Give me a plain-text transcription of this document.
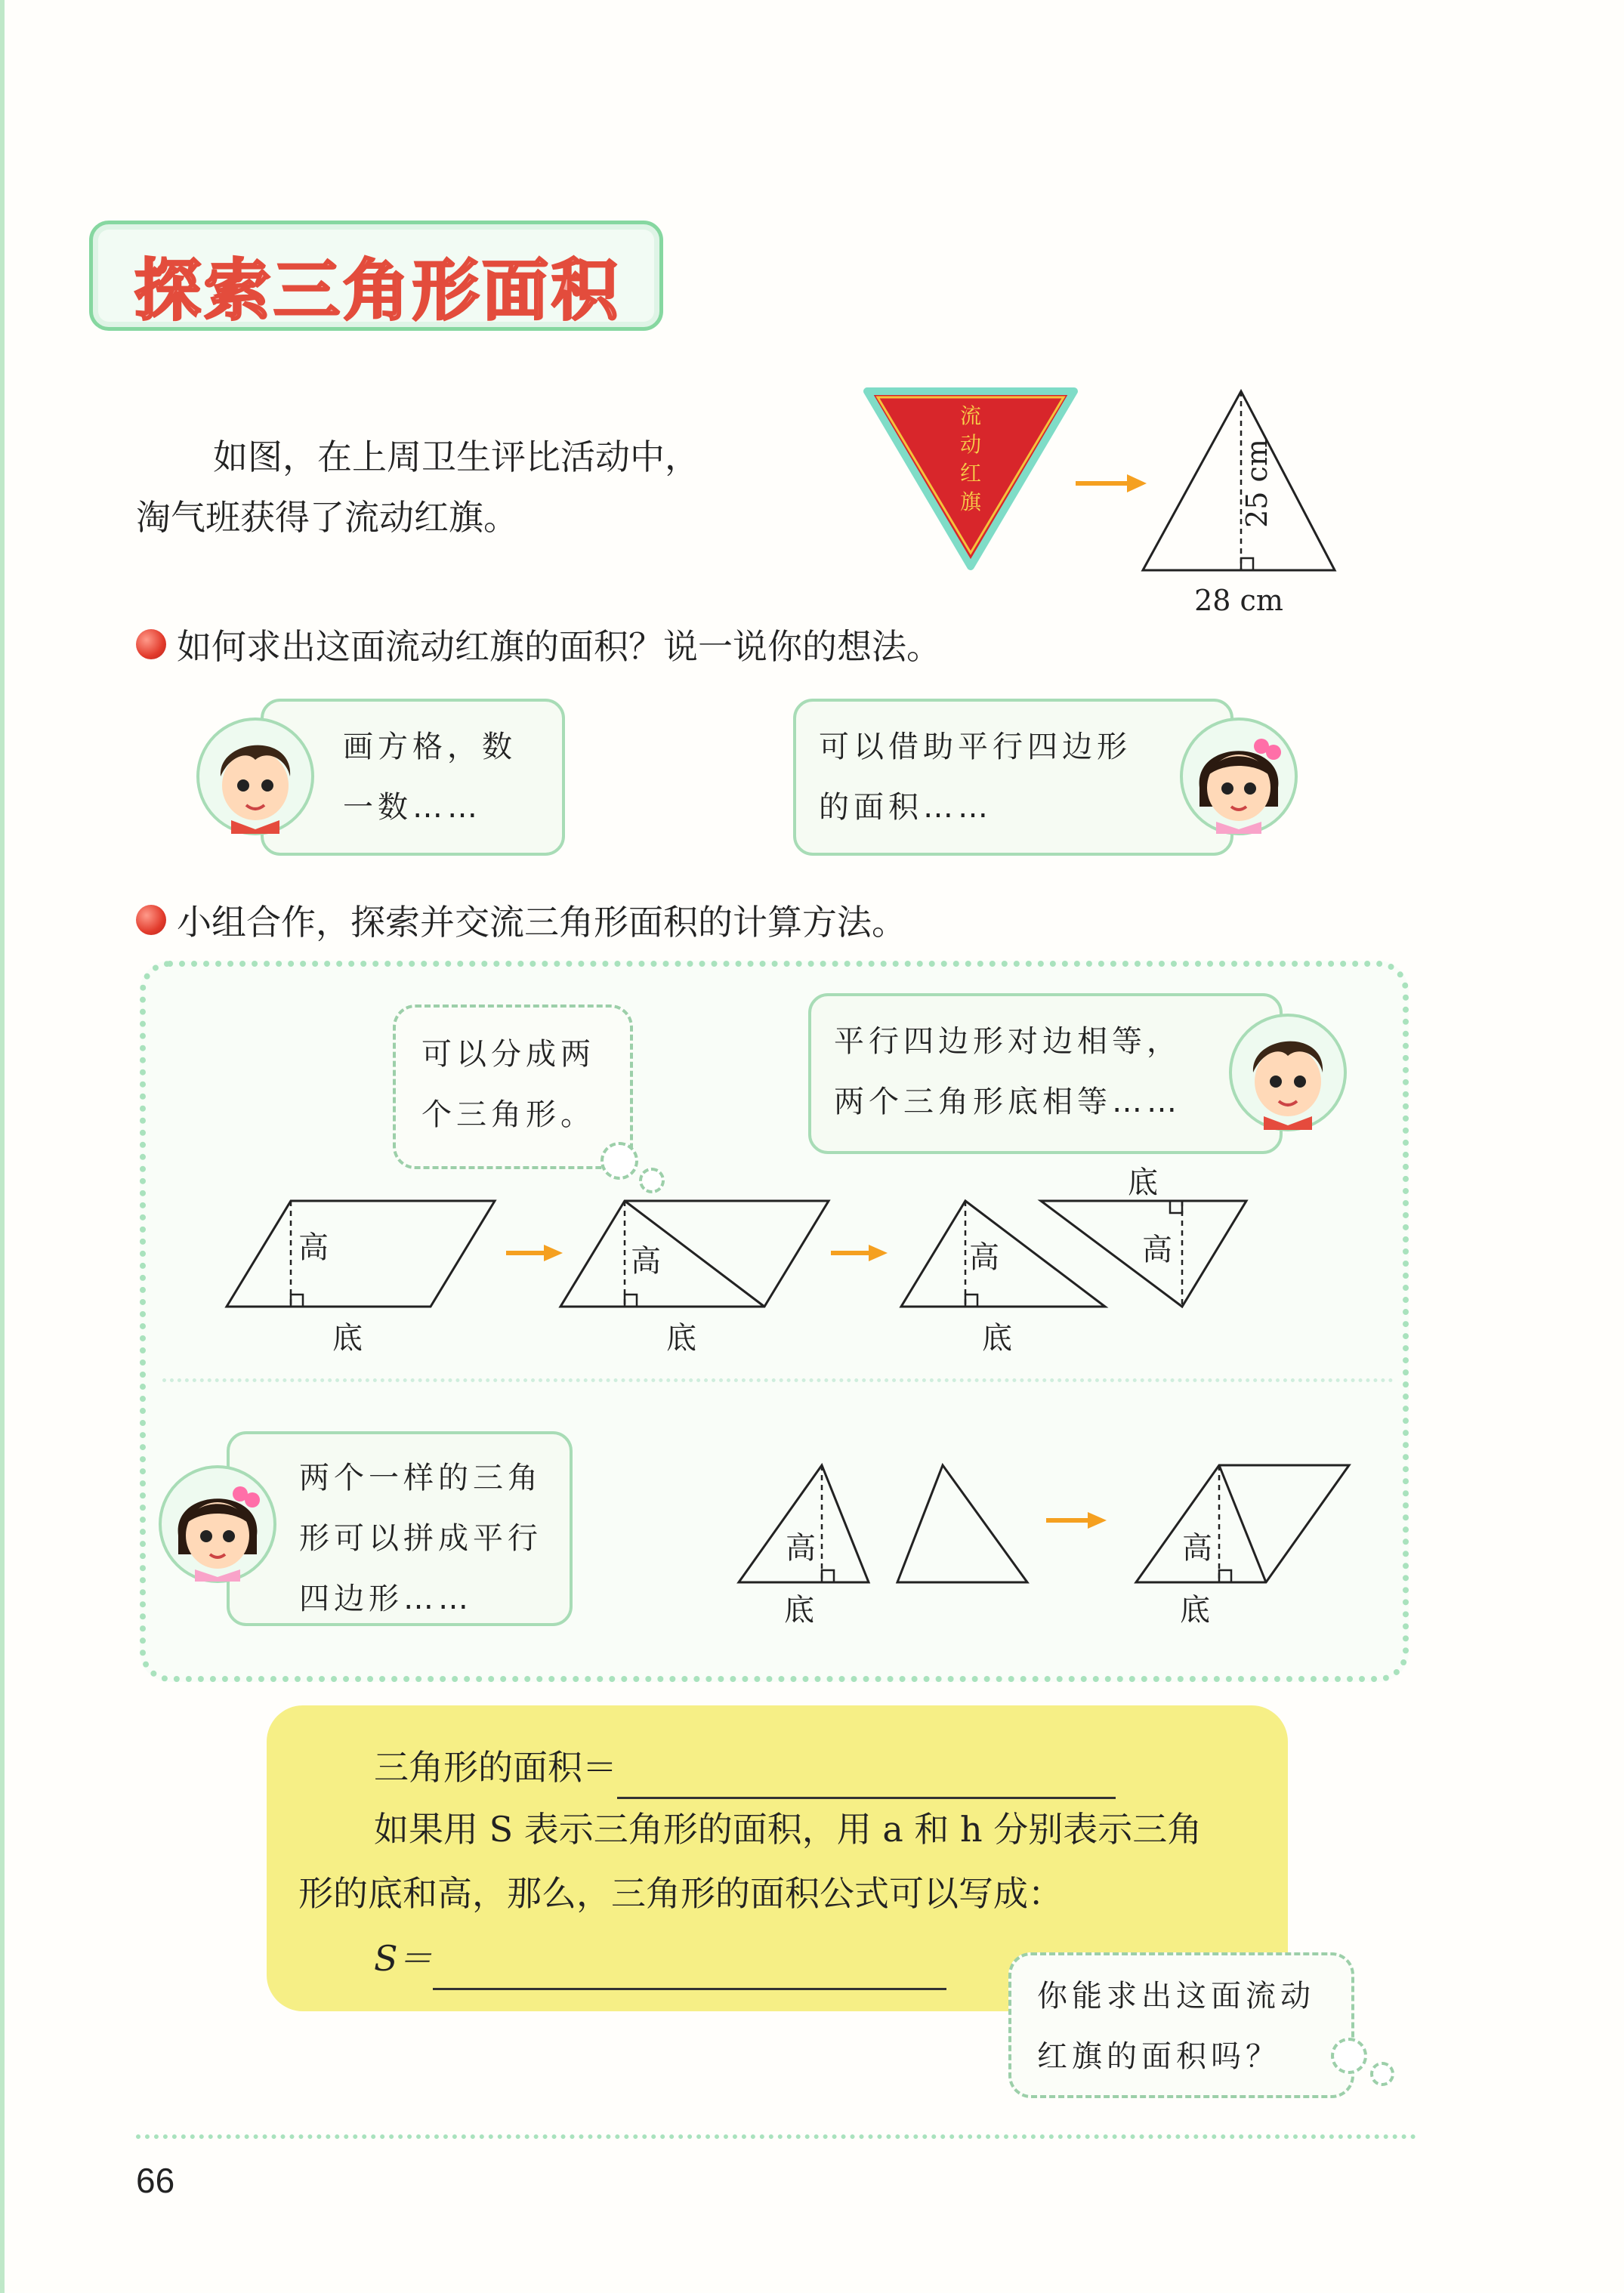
探索三角形面积
如图，在上周卫生评比活动中，
淘气班获得了流动红旗。
流
动
红
旗	25 cm
28 cm
如何求出这面流动红旗的面积？说一说你的想法。
画方格，数
一数……
可以借助平行四边形
的面积……
小组合作，探索并交流三角形面积的计算方法。
可以分成两
个三角形。
平行四边形对边相等，
两个三角形底相等……
高
底
高
底
高
底
高
底
两个一样的三角
形可以拼成平行
四边形……
高
底
高
底
三角形的面积＝
如果用 S 表示三角形的面积，用 a 和 h 分别表示三角
形的底和高，那么，三角形的面积公式可以写成：
S＝
你能求出这面流动
红旗的面积吗？
66
